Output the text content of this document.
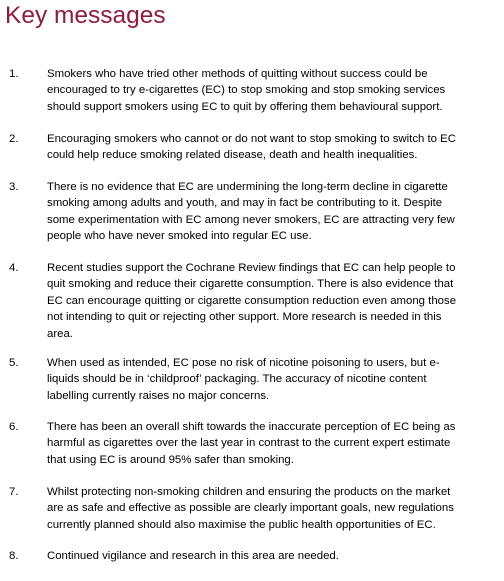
Key messages
1.	Smokers who have tried other methods of quitting without success could be
encouraged to try e-cigarettes (EC) to stop smoking and stop smoking services
should support smokers using EC to quit by offering them behavioural support.
2.	Encouraging smokers who cannot or do not want to stop smoking to switch to EC
could help reduce smoking related disease, death and health inequalities.
3.	There is no evidence that EC are undermining the long-term decline in cigarette
smoking among adults and youth, and may in fact be contributing to it. Despite
some experimentation with EC among never smokers, EC are attracting very few
people who have never smoked into regular EC use.
4.	Recent studies support the Cochrane Review findings that EC can help people to
quit smoking and reduce their cigarette consumption. There is also evidence that
EC can encourage quitting or cigarette consumption reduction even among those
not intending to quit or rejecting other support. More research is needed in this
area.
5.	When used as intended, EC pose no risk of nicotine poisoning to users, but e-
liquids should be in ‘childproof’ packaging. The accuracy of nicotine content
labelling currently raises no major concerns.
6.	There has been an overall shift towards the inaccurate perception of EC being as
harmful as cigarettes over the last year in contrast to the current expert estimate
that using EC is around 95% safer than smoking.
7.	Whilst protecting non-smoking children and ensuring the products on the market
are as safe and effective as possible are clearly important goals, new regulations
currently planned should also maximise the public health opportunities of EC.
8.	Continued vigilance and research in this area are needed.
